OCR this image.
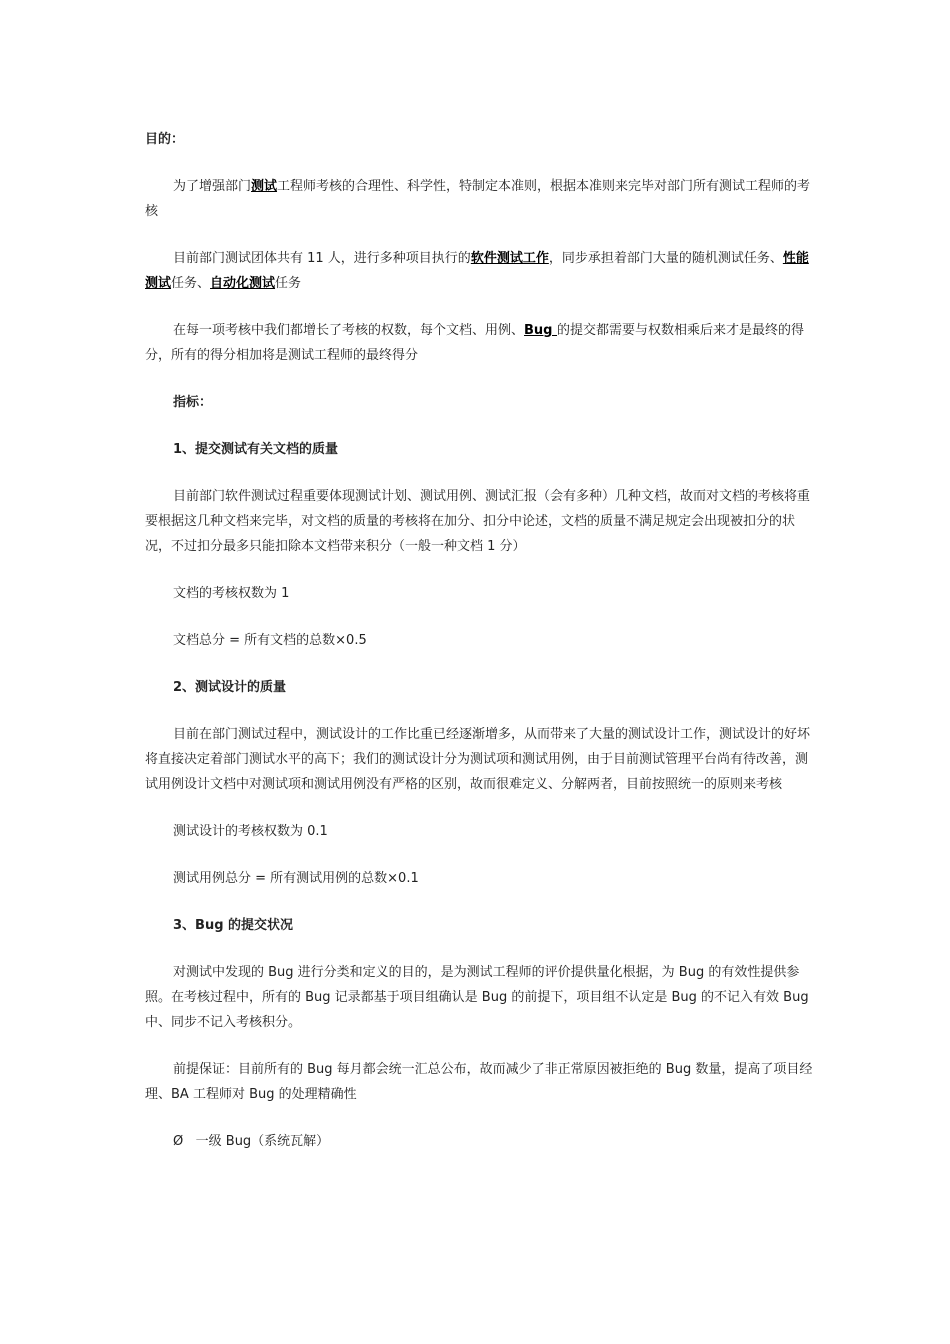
目的：
为了增强部门测试工程师考核的合理性、科学性，特制定本准则，根据本准则来完毕对部门所有测试工程师的考核
目前部门测试团体共有 11 人，进行多种项目执行的软件测试工作，同步承担着部门大量的随机测试任务、性能测试任务、自动化测试任务
在每一项考核中我们都增长了考核的权数，每个文档、用例、Bug 的提交都需要与权数相乘后来才是最终的得分，所有的得分相加将是测试工程师的最终得分
指标：
1、提交测试有关文档的质量
目前部门软件测试过程重要体现测试计划、测试用例、测试汇报（会有多种）几种文档，故而对文档的考核将重要根据这几种文档来完毕，对文档的质量的考核将在加分、扣分中论述，文档的质量不满足规定会出现被扣分的状况，不过扣分最多只能扣除本文档带来积分（一般一种文档 1 分）
文档的考核权数为 1
文档总分 = 所有文档的总数×0.5
2、测试设计的质量
目前在部门测试过程中，测试设计的工作比重已经逐渐增多，从而带来了大量的测试设计工作，测试设计的好坏将直接决定着部门测试水平的高下；我们的测试设计分为测试项和测试用例，由于目前测试管理平台尚有待改善，测试用例设计文档中对测试项和测试用例没有严格的区别，故而很难定义、分解两者，目前按照统一的原则来考核
测试设计的考核权数为 0.1
测试用例总分 = 所有测试用例的总数×0.1
3、Bug 的提交状况
对测试中发现的 Bug 进行分类和定义的目的，是为测试工程师的评价提供量化根据，为 Bug 的有效性提供参照。在考核过程中，所有的 Bug 记录都基于项目组确认是 Bug 的前提下，项目组不认定是 Bug 的不记入有效 Bug 中、同步不记入考核积分。
前提保证：目前所有的 Bug 每月都会统一汇总公布，故而减少了非正常原因被拒绝的 Bug 数量，提高了项目经理、BA 工程师对 Bug 的处理精确性
Ø 一级 Bug（系统瓦解）
